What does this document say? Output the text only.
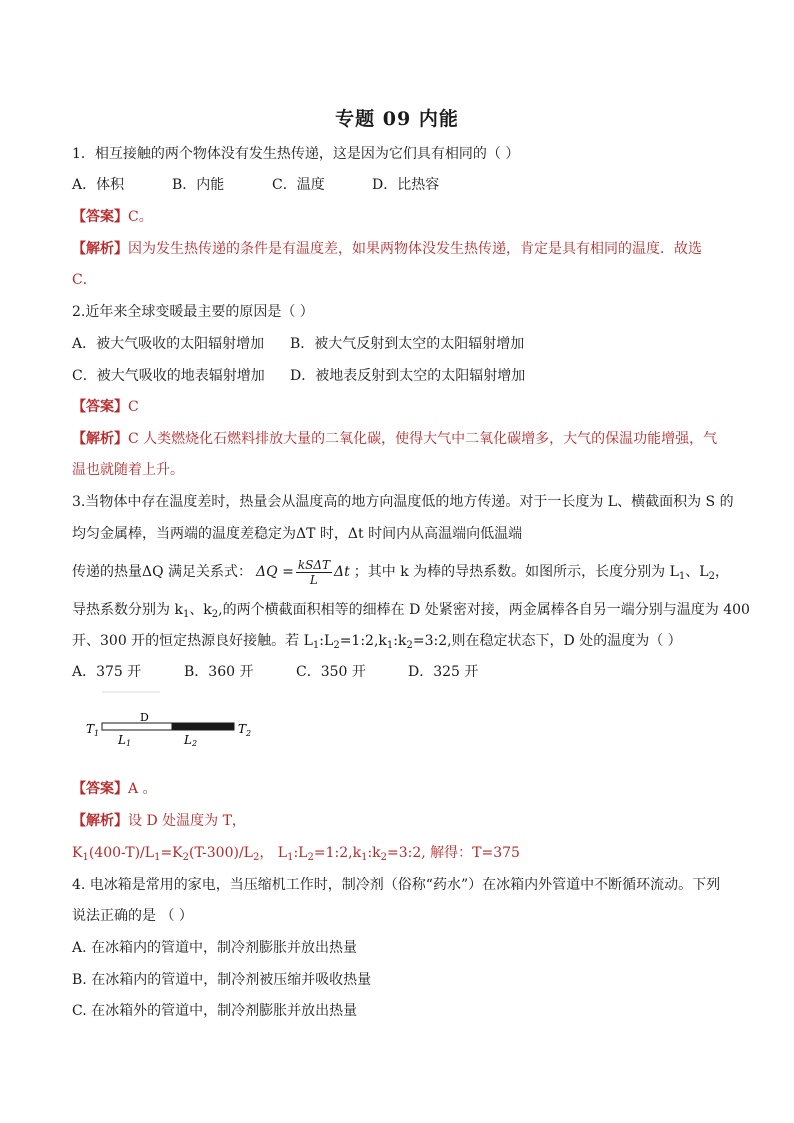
专题 09 内能
1．相互接触的两个物体没有发生热传递，这是因为它们具有相同的（ ）
A．体积	B．内能	C．温度	D．比热容
【答案】C。
【解析】因为发生热传递的条件是有温度差，如果两物体没发生热传递，肯定是具有相同的温度．故选
C．
2.近年来全球变暖最主要的原因是（ ）
A．被大气吸收的太阳辐射增加 B．被大气反射到太空的太阳辐射增加
C．被大气吸收的地表辐射增加 D．被地表反射到太空的太阳辐射增加
【答案】C
【解析】C 人类燃烧化石燃料排放大量的二氧化碳，使得大气中二氧化碳增多，大气的保温功能增强，气
温也就随着上升。
3.当物体中存在温度差时，热量会从温度高的地方向温度低的地方传递。对于一长度为 L、横截面积为 S 的
均匀金属棒，当两端的温度差稳定为ΔT 时，Δt 时间内从高温端向低温端
传递的热量ΔQ 满足关系式： $\Delta Q = \frac{\text{kSΔT}}{L}$ Δt ；其中 k 为棒的导热系数。如图所示，长度分别为 $L_1$、$L_2$，
导热系数分别为 $k_1$、$k_2$,的两个横截面积相等的细棒在 D 处紧密对接，两金属棒各自另一端分别与温度为 400
开、300 开的恒定热源良好接触。若 $L_1:L_2=1:2,k_1:k_2=3:2$,则在稳定状态下，D 处的温度为（ ）
A．375 开	B．360 开	C．350 开	D．325 开
$T_1$
D
$T_2$
L1	L2
【答案】A 。
【解析】设 D 处温度为 T，
$K_1(400-T)/L_1=K_2(T-300)/L_2$， $L_1:L_2=1:2,k_1:k_2=3:2$, 解得：T=375
4. 电冰箱是常用的家电，当压缩机工作时，制冷剂（俗称“药水”）在冰箱内外管道中不断循环流动。下列
说法正确的是 （ ）
A. 在冰箱内的管道中，制冷剂膨胀并放出热量
B. 在冰箱内的管道中，制冷剂被压缩并吸收热量
C. 在冰箱外的管道中，制冷剂膨胀并放出热量
